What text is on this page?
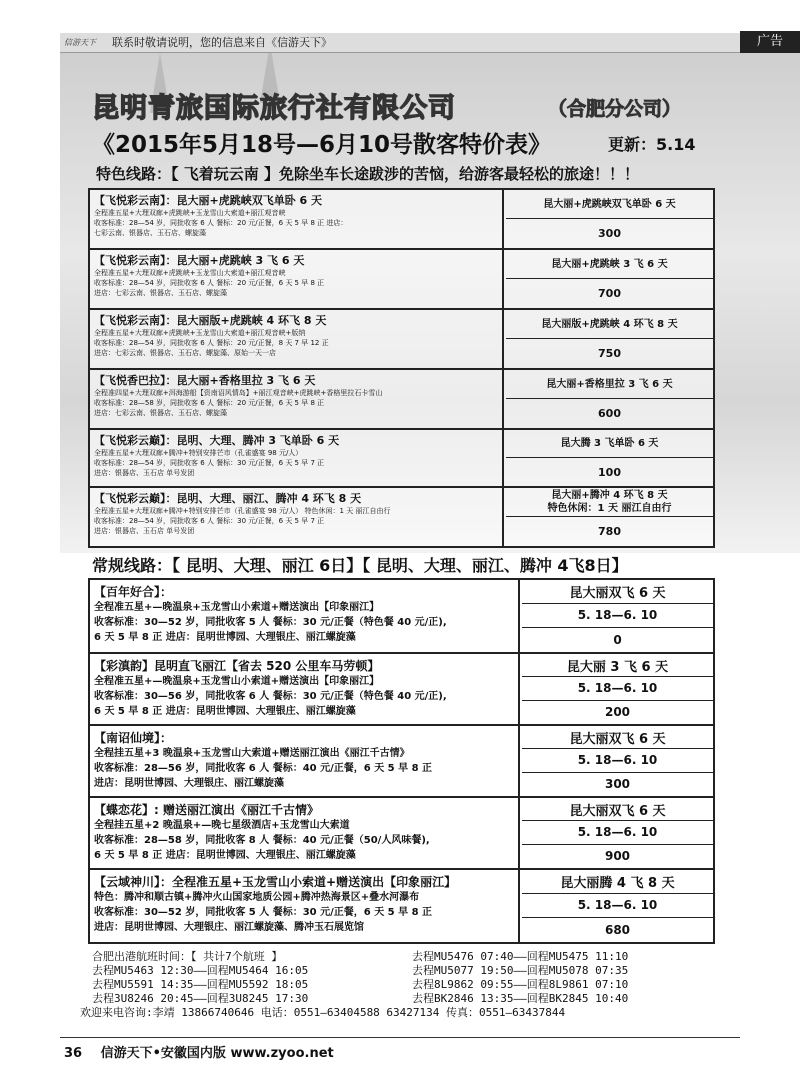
信游天下	联系时敬请说明，您的信息来自《信游天下》	广告
昆明青旅国际旅行社有限公司	（合肥分公司）
《2015年5月18号—6月10号散客特价表》	更新：5.14
特色线路：【 飞着玩云南 】免除坐车长途跋涉的苦恼，给游客最轻松的旅途！！！
【飞悦彩云南】：昆大丽+虎跳峡双飞单卧 6 天
全程准五星+大理双廊+虎跳峡+玉龙雪山大索道+丽江观音峡
收客标准：28—54 岁，同批收客 6 人 餐标：20 元/正餐，6 天 5 早 8 正 进店：
七彩云南、银器店、玉石店、螺旋藻
昆大丽+虎跳峡双飞单卧 6 天
300
【飞悦彩云南】：昆大丽+虎跳峡 3 飞 6 天
全程准五星+大理双廊+虎跳峡+玉龙雪山大索道+丽江观音峡
收客标准：28—54 岁，同批收客 6 人 餐标：20 元/正餐，6 天 5 早 8 正
进店：七彩云南、银器店、玉石店、螺旋藻
昆大丽+虎跳峡 3 飞 6 天
700
【飞悦彩云南】：昆大丽版+虎跳峡 4 环飞 8 天
全程准五星+大理双廊+虎跳峡+玉龙雪山大索道+丽江观音峡+版纳
收客标准：28—54 岁，同批收客 6 人 餐标：20 元/正餐，8 天 7 早 12 正
进店：七彩云南、银器店、玉石店、螺旋藻、原始一天一店
昆大丽版+虎跳峡 4 环飞 8 天
750
【飞悦香巴拉】：昆大丽+香格里拉 3 飞 6 天
全程准四星+大理双廊+洱海游船【资南诏风情岛】+丽江观音峡+虎跳峡+香格里拉石卡雪山
收客标准：28—58 岁，同批收客 6 人 餐标：20 元/正餐，6 天 5 早 8 正
进店：七彩云南、银器店、玉石店、螺旋藻
昆大丽+香格里拉 3 飞 6 天
600
【飞悦彩云巅】：昆明、大理、腾冲 3 飞单卧 6 天
全程准五星+大理双廊+腾冲+特别安排芒市（孔雀盛宴 98 元/人）
收客标准：28—54 岁，同批收客 6 人 餐标：30 元/正餐，6 天 5 早 7 正
进店：银器店、玉石店 单号发团
昆大腾 3 飞单卧 6 天
100
【飞悦彩云巅】：昆明、大理、丽江、腾冲 4 环飞 8 天
全程准五星+大理双廊+腾冲+特别安排芒市（孔雀盛宴 98 元/人） 特色休闲：1 天 丽江自由行
收客标准：28—54 岁，同批收客 6 人 餐标：30 元/正餐，6 天 5 早 7 正
进店：银器店、玉石店 单号发团
昆大丽+腾冲 4 环飞 8 天
特色休闲：1 天 丽江自由行
780
常规线路：【 昆明、大理、丽江 6日】【 昆明、大理、丽江、腾冲 4飞8日】
【百年好合】：
全程准五星+—晚温泉+玉龙雪山小索道+赠送演出【印象丽江】
收客标准：30—52 岁，同批收客 5 人 餐标：30 元/正餐（特色餐 40 元/正),
6 天 5 早 8 正 进店：昆明世博园、大理银庄、丽江螺旋藻
昆大丽双飞 6 天
5. 18—6. 10
0
【彩滇韵】昆明直飞丽江【省去 520 公里车马劳顿】
全程准五星+—晚温泉+玉龙雪山小索道+赠送演出【印象丽江】
收客标准：30—56 岁，同批收客 6 人 餐标：30 元/正餐（特色餐 40 元/正),
6 天 5 早 8 正 进店：昆明世博园、大理银庄、丽江螺旋藻
昆大丽 3 飞 6 天
5. 18—6. 10
200
【南诏仙境】：
全程挂五星+3 晚温泉+玉龙雪山大索道+赠送丽江演出《丽江千古情》
收客标准：28—56 岁，同批收客 6 人 餐标：40 元/正餐，6 天 5 早 8 正
进店：昆明世博园、大理银庄、丽江螺旋藻
昆大丽双飞 6 天
5. 18—6. 10
300
【蝶恋花】: 赠送丽江演出《丽江千古情》
全程挂五星+2 晚温泉+—晚七星级酒店+玉龙雪山大索道
收客标准：28—58 岁，同批收客 8 人 餐标：40 元/正餐（50/人风味餐),
6 天 5 早 8 正 进店：昆明世博园、大理银庄、丽江螺旋藻
昆大丽双飞 6 天
5. 18—6. 10
900
【云域神川】：全程准五星+玉龙雪山小索道+赠送演出【印象丽江】
特色：腾冲和顺古镇+腾冲火山国家地质公园+腾冲热海景区+叠水河瀑布
收客标准：30—52 岁，同批收客 5 人 餐标：30 元/正餐，6 天 5 早 8 正
进店：昆明世博园、大理银庄、丽江螺旋藻、腾冲玉石展览馆
昆大丽腾 4 飞 8 天
5. 18—6. 10
680
合肥出港航班时间：【 共计7个航班 】	去程MU5476 07:40——回程MU5475 11:10
去程MU5463 12:30——回程MU5464 16:05	去程MU5077 19:50——回程MU5078 07:35
去程MU5591 14:35——回程MU5592 18:05	去程8L9862 09:55——回程8L9861 07:10
去程3U8246 20:45——回程3U8245 17:30	去程BK2846 13:35——回程BK2845 10:40
欢迎来电咨询:李靖 13866740646 电话：0551—63404588 63427134 传真：0551—63437844
36 信游天下•安徽国内版 www.zyoo.net
